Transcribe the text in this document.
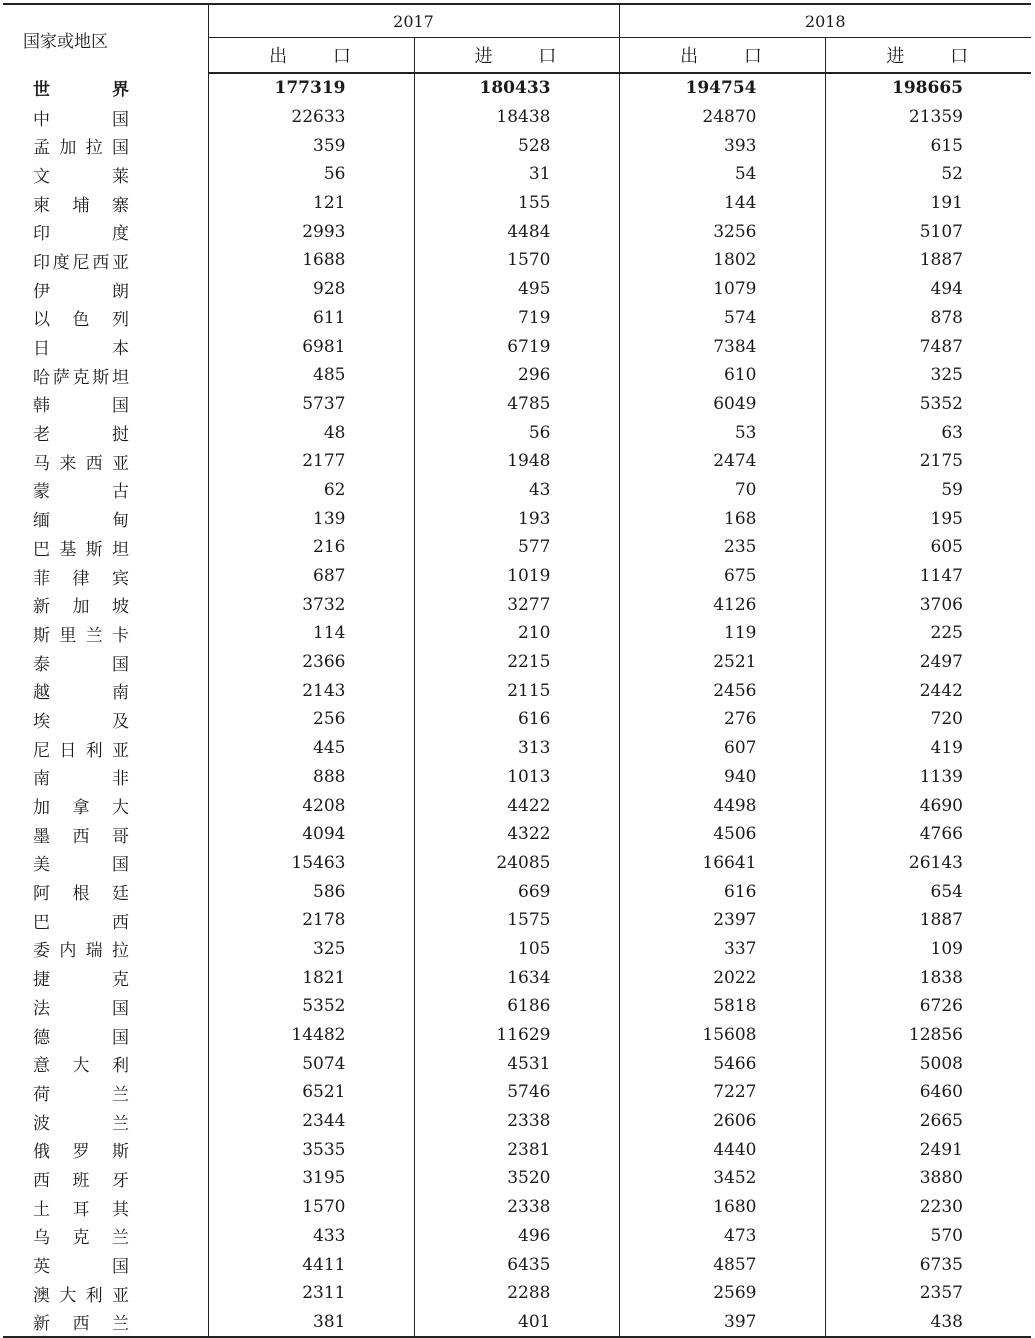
国家或地区	2017		2018	
	出 口	进 口	出 口	进 口
世 界	177319	180433	194754	198665
中 国	22633	18438	24870	21359
孟加拉国	359	528	393	615
文 莱	56	31	54	52
柬埔寨	121	155	144	191
印 度	2993	4484	3256	5107
印度尼西亚	1688	1570	1802	1887
伊 朗	928	495	1079	494
以色列	611	719	574	878
日 本	6981	6719	7384	7487
哈萨克斯坦	485	296	610	325
韩 国	5737	4785	6049	5352
老 挝	48	56	53	63
马来西亚	2177	1948	2474	2175
蒙 古	62	43	70	59
缅 甸	139	193	168	195
巴基斯坦	216	577	235	605
菲律宾	687	1019	675	1147
新加坡	3732	3277	4126	3706
斯里兰卡	114	210	119	225
泰 国	2366	2215	2521	2497
越 南	2143	2115	2456	2442
埃 及	256	616	276	720
尼日利亚	445	313	607	419
南 非	888	1013	940	1139
加拿大	4208	4422	4498	4690
墨西哥	4094	4322	4506	4766
美 国	15463	24085	16641	26143
阿根廷	586	669	616	654
巴 西	2178	1575	2397	1887
委内瑞拉	325	105	337	109
捷 克	1821	1634	2022	1838
法 国	5352	6186	5818	6726
德 国	14482	11629	15608	12856
意大利	5074	4531	5466	5008
荷 兰	6521	5746	7227	6460
波 兰	2344	2338	2606	2665
俄罗斯	3535	2381	4440	2491
西班牙	3195	3520	3452	3880
土耳其	1570	2338	1680	2230
乌克兰	433	496	473	570
英 国	4411	6435	4857	6735
澳大利亚	2311	2288	2569	2357
新西兰	381	401	397	438
